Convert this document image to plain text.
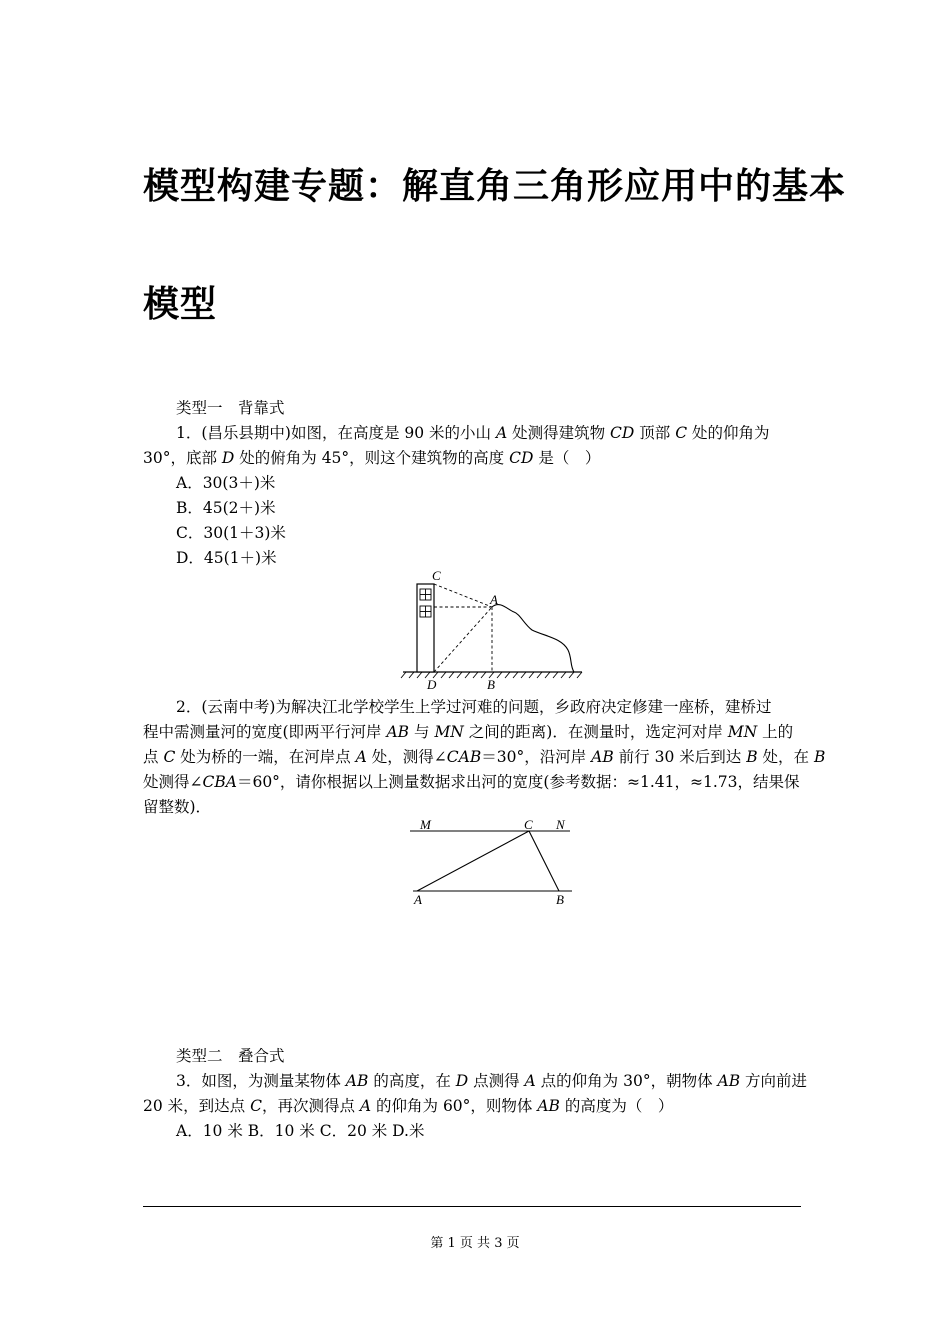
模型构建专题：解直角三角形应用中的基本
模型
类型一　背靠式
1．(昌乐县期中)如图，在高度是 90 米的小山 A 处测得建筑物 CD 顶部 C 处的仰角为
30°，底部 D 处的俯角为 45°，则这个建筑物的高度 CD 是（　）
A．30(3＋)米
B．45(2＋)米
C．30(1＋3)米
D．45(1＋)米
C
A
D	B
2．(云南中考)为解决江北学校学生上学过河难的问题，乡政府决定修建一座桥，建桥过
程中需测量河的宽度(即两平行河岸 AB 与 MN 之间的距离)．在测量时，选定河对岸 MN 上的
点 C 处为桥的一端，在河岸点 A 处，测得∠CAB＝30°，沿河岸 AB 前行 30 米后到达 B 处，在 B
处测得∠CBA＝60°，请你根据以上测量数据求出河的宽度(参考数据：≈1.41，≈1.73，结果保
留整数)．
M	C N
A	B
类型二　叠合式
3．如图，为测量某物体 AB 的高度，在 D 点测得 A 点的仰角为 30°，朝物体 AB 方向前进
20 米，到达点 C，再次测得点 A 的仰角为 60°，则物体 AB 的高度为（　）
A．10 米 B．10 米 C．20 米 D.米
第 1 页 共 3 页
